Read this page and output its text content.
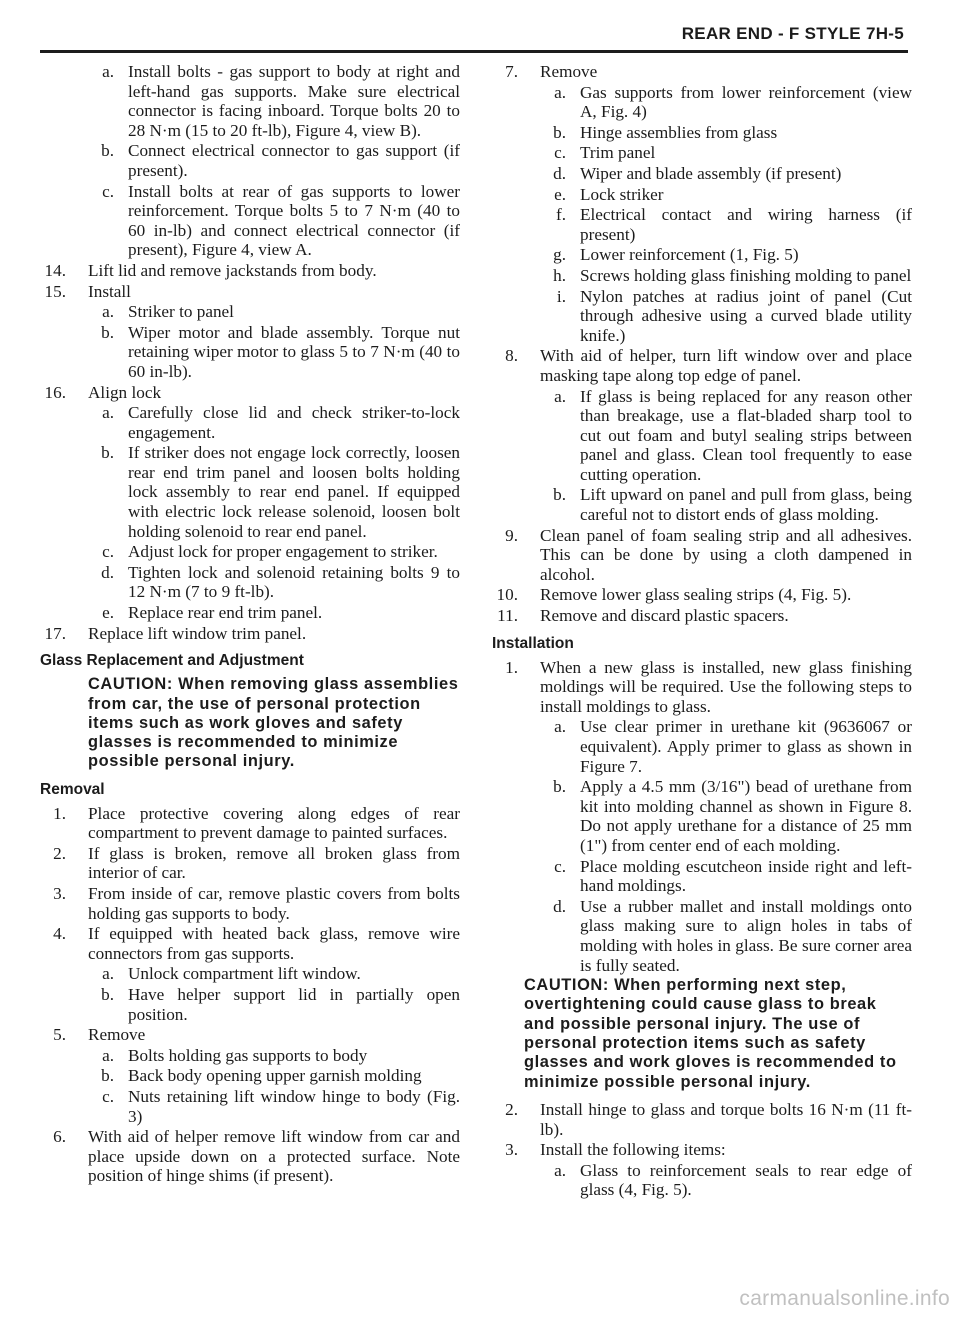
REAR END - F STYLE 7H-5
a. Install bolts - gas support to body at right and left-hand gas supports. Make sure electrical connector is facing inboard. Torque bolts 20 to 28 N·m (15 to 20 ft-lb), Figure 4, view B).
b. Connect electrical connector to gas support (if present).
c. Install bolts at rear of gas supports to lower reinforcement. Torque bolts 5 to 7 N·m (40 to 60 in-lb) and connect electrical connector (if present), Figure 4, view A.
14. Lift lid and remove jackstands from body.
15. Install
a. Striker to panel
b. Wiper motor and blade assembly. Torque nut retaining wiper motor to glass 5 to 7 N·m (40 to 60 in-lb).
16. Align lock
a. Carefully close lid and check striker-to-lock engagement.
b. If striker does not engage lock correctly, loosen rear end trim panel and loosen bolts holding lock assembly to rear end panel. If equipped with electric lock release solenoid, loosen bolt holding solenoid to rear end panel.
c. Adjust lock for proper engagement to striker.
d. Tighten lock and solenoid retaining bolts 9 to 12 N·m (7 to 9 ft-lb).
e. Replace rear end trim panel.
17. Replace lift window trim panel.
Glass Replacement and Adjustment
CAUTION: When removing glass assemblies from car, the use of personal protection items such as work gloves and safety glasses is recommended to minimize possible personal injury.
Removal
1. Place protective covering along edges of rear compartment to prevent damage to painted surfaces.
2. If glass is broken, remove all broken glass from interior of car.
3. From inside of car, remove plastic covers from bolts holding gas supports to body.
4. If equipped with heated back glass, remove wire connectors from gas supports.
a. Unlock compartment lift window.
b. Have helper support lid in partially open position.
5. Remove
a. Bolts holding gas supports to body
b. Back body opening upper garnish molding
c. Nuts retaining lift window hinge to body (Fig. 3)
6. With aid of helper remove lift window from car and place upside down on a protected surface. Note position of hinge shims (if present).
7. Remove
a. Gas supports from lower reinforcement (view A, Fig. 4)
b. Hinge assemblies from glass
c. Trim panel
d. Wiper and blade assembly (if present)
e. Lock striker
f. Electrical contact and wiring harness (if present)
g. Lower reinforcement (1, Fig. 5)
h. Screws holding glass finishing molding to panel
i. Nylon patches at radius joint of panel (Cut through adhesive using a curved blade utility knife.)
8. With aid of helper, turn lift window over and place masking tape along top edge of panel.
a. If glass is being replaced for any reason other than breakage, use a flat-bladed sharp tool to cut out foam and butyl sealing strips between panel and glass. Clean tool frequently to ease cutting operation.
b. Lift upward on panel and pull from glass, being careful not to distort ends of glass molding.
9. Clean panel of foam sealing strip and all adhesives. This can be done by using a cloth dampened in alcohol.
10. Remove lower glass sealing strips (4, Fig. 5).
11. Remove and discard plastic spacers.
Installation
1. When a new glass is installed, new glass finishing moldings will be required. Use the following steps to install moldings to glass.
a. Use clear primer in urethane kit (9636067 or equivalent). Apply primer to glass as shown in Figure 7.
b. Apply a 4.5 mm (3/16") bead of urethane from kit into molding channel as shown in Figure 8. Do not apply urethane for a distance of 25 mm (1") from center end of each molding.
c. Place molding escutcheon inside right and left-hand moldings.
d. Use a rubber mallet and install moldings onto glass making sure to align holes in tabs of molding with holes in glass. Be sure corner area is fully seated.
CAUTION: When performing next step, overtightening could cause glass to break and possible personal injury. The use of personal protection items such as safety glasses and work gloves is recommended to minimize possible personal injury.
2. Install hinge to glass and torque bolts 16 N·m (11 ft-lb).
3. Install the following items:
a. Glass to reinforcement seals to rear edge of glass (4, Fig. 5).
carmanualsonline.info
